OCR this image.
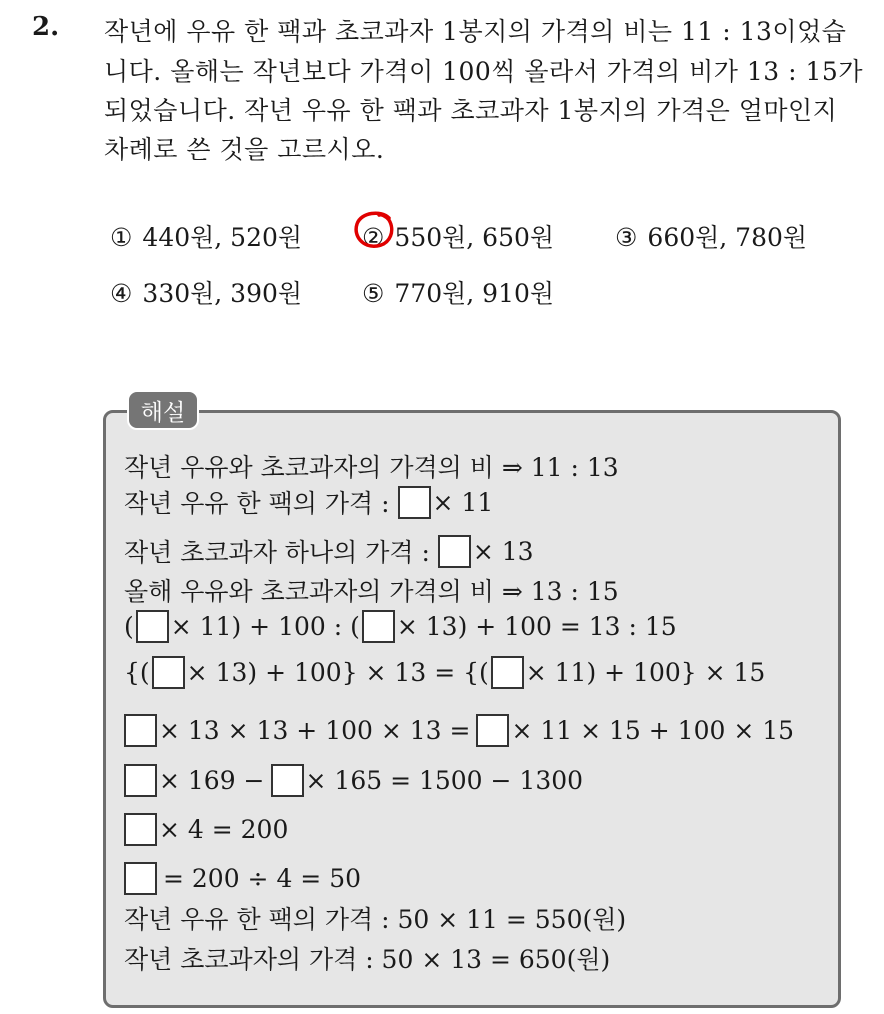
2. 작년에 우유 한 팩과 초코과자 1봉지의 가격의 비는 11 : 13이었습
니다. 올해는 작년보다 가격이 100씩 올라서 가격의 비가 13 : 15가
되었습니다. 작년 우유 한 팩과 초코과자 1봉지의 가격은 얼마인지
차례로 쓴 것을 고르시오.
① 440원, 520원 ② 550원, 650원 ③ 660원, 780원
④ 330원, 390원 ⑤ 770원, 910원
해설
작년 우유와 초코과자의 가격의 비 ⇒ 11 : 13
작년 우유 한 팩의 가격 : × 11
작년 초코과자 하나의 가격 : × 13
올해 우유와 초코과자의 가격의 비 ⇒ 13 : 15
( × 11) + 100 : ( × 13) + 100 = 13 : 15
{( × 13) + 100} × 13 = {( × 11) + 100} × 15
× 13 × 13 + 100 × 13 = × 11 × 15 + 100 × 15
× 169 − × 165 = 1500 − 1300
× 4 = 200
= 200 ÷ 4 = 50
작년 우유 한 팩의 가격 : 50 × 11 = 550(원)
작년 초코과자의 가격 : 50 × 13 = 650(원)
